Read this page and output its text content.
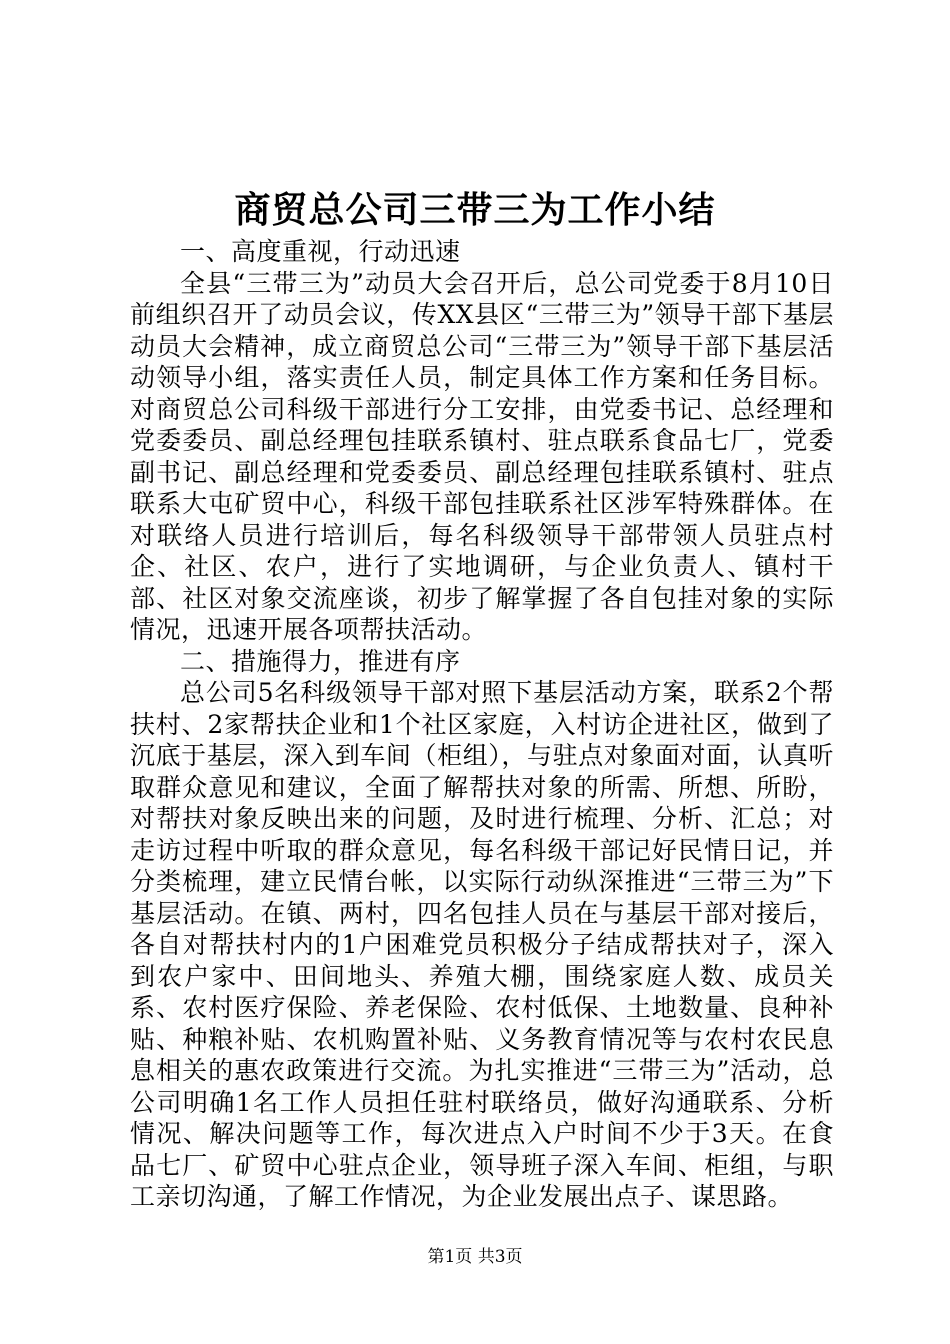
商贸总公司三带三为工作小结

一、高度重视，行动迅速

全县“三带三为”动员大会召开后，总公司党委于8月10日前组织召开了动员会议，传XX县区“三带三为”领导干部下基层动员大会精神，成立商贸总公司“三带三为”领导干部下基层活动领导小组，落实责任人员，制定具体工作方案和任务目标。对商贸总公司科级干部进行分工安排，由党委书记、总经理和党委委员、副总经理包挂联系镇村、驻点联系食品七厂，党委副书记、副总经理和党委委员、副总经理包挂联系镇村、驻点联系大屯矿贸中心，科级干部包挂联系社区涉军特殊群体。在对联络人员进行培训后，每名科级领导干部带领人员驻点村企、社区、农户，进行了实地调研，与企业负责人、镇村干部、社区对象交流座谈，初步了解掌握了各自包挂对象的实际情况，迅速开展各项帮扶活动。

二、措施得力，推进有序

总公司5名科级领导干部对照下基层活动方案，联系2个帮扶村、2家帮扶企业和1个社区家庭，入村访企进社区，做到了沉底于基层，深入到车间（柜组），与驻点对象面对面，认真听取群众意见和建议，全面了解帮扶对象的所需、所想、所盼，对帮扶对象反映出来的问题，及时进行梳理、分析、汇总；对走访过程中听取的群众意见，每名科级干部记好民情日记，并分类梳理，建立民情台帐，以实际行动纵深推进“三带三为”下基层活动。在镇、两村，四名包挂人员在与基层干部对接后，各自对帮扶村内的1户困难党员积极分子结成帮扶对子，深入到农户家中、田间地头、养殖大棚，围绕家庭人数、成员关系、农村医疗保险、养老保险、农村低保、土地数量、良种补贴、种粮补贴、农机购置补贴、义务教育情况等与农村农民息息相关的惠农政策进行交流。为扎实推进“三带三为”活动，总公司明确1名工作人员担任驻村联络员，做好沟通联系、分析情况、解决问题等工作，每次进点入户时间不少于3天。在食品七厂、矿贸中心驻点企业，领导班子深入车间、柜组，与职工亲切沟通，了解工作情况，为企业发展出点子、谋思路。

第1页 共3页
